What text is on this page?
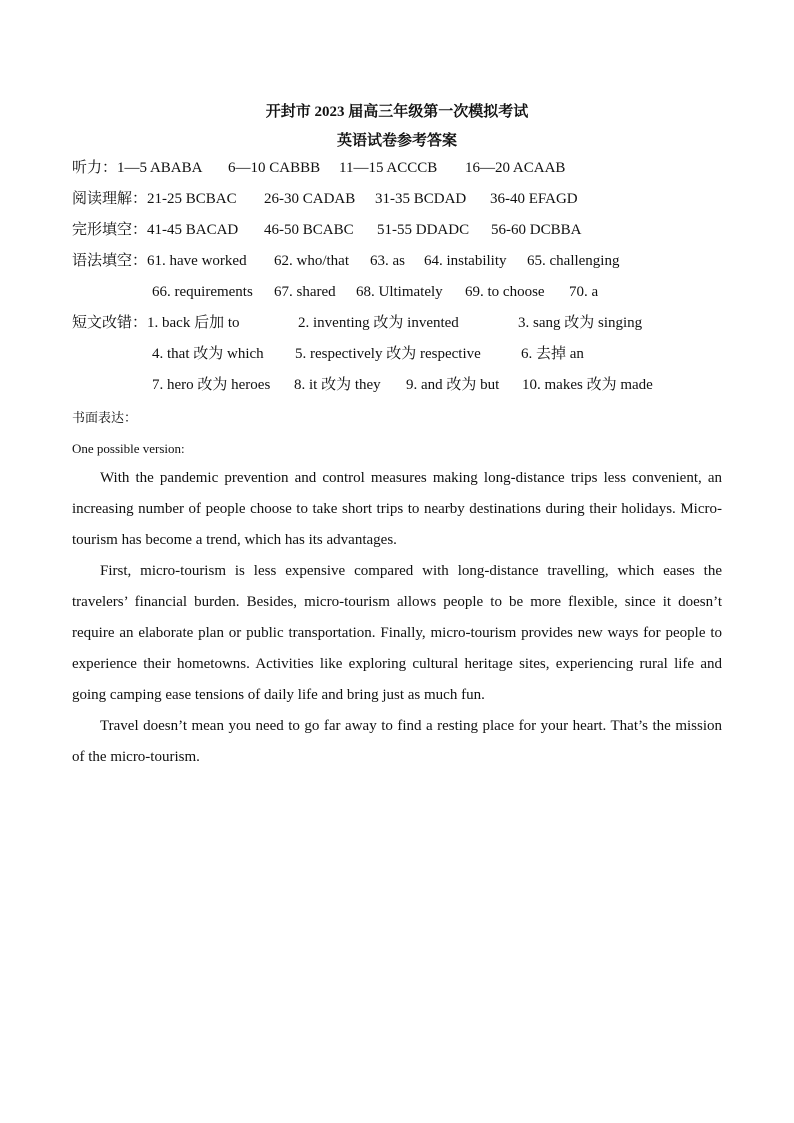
开封市 2023 届高三年级第一次模拟考试
英语试卷参考答案
听力：1—5 ABABA 6—10 CABBB 11—15 ACCCB 16—20 ACAAB
阅读理解：21-25 BCBAC 26-30 CADAB 31-35 BCDAD 36-40 EFAGD
完形填空：41-45 BACAD 46-50 BCABC 51-55 DDADC 56-60 DCBBA
语法填空：61. have worked 62. who/that 63. as 64. instability 65. challenging
66. requirements 67. shared 68. Ultimately 69. to choose 70. a
短文改错：1. back 后加 to	2. inventing 改为 invented	3. sang 改为 singing
4. that 改为 which 5. respectively 改为 respective	6. 去掉 an
7. hero 改为 heroes 8. it 改为 they 9. and 改为 but 10. makes 改为 made
书面表达：
One possible version:

With the pandemic prevention and control measures making long-distance trips less convenient, an increasing number of people choose to take short trips to nearby destinations during their holidays. Micro-tourism has become a trend, which has its advantages.

First, micro-tourism is less expensive compared with long-distance travelling, which eases the travelers’ financial burden. Besides, micro-tourism allows people to be more flexible, since it doesn’t require an elaborate plan or public transportation. Finally, micro-tourism provides new ways for people to experience their hometowns. Activities like exploring cultural heritage sites, experiencing rural life and going camping ease tensions of daily life and bring just as much fun.

Travel doesn’t mean you need to go far away to find a resting place for your heart. That’s the mission of the micro-tourism.
